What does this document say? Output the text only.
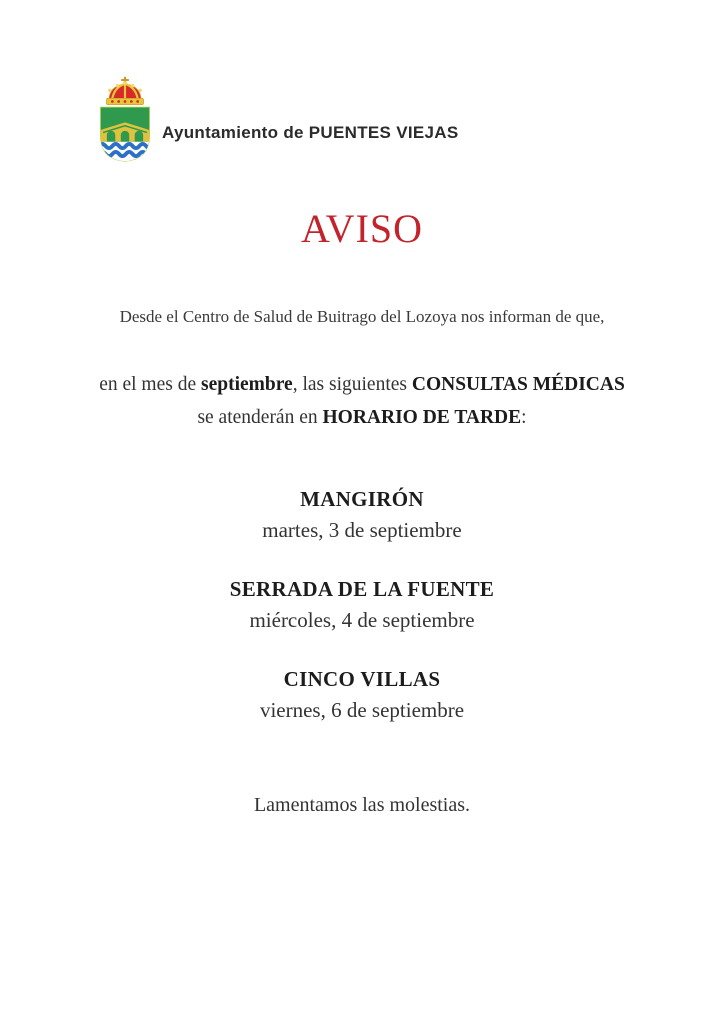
Ayuntamiento de PUENTES VIEJAS
AVISO

Desde el Centro de Salud de Buitrago del Lozoya nos informan de que,

en el mes de septiembre, las siguientes CONSULTAS MÉDICAS
se atenderán en HORARIO DE TARDE:

MANGIRÓN
martes, 3 de septiembre
SERRADA DE LA FUENTE
miércoles, 4 de septiembre
CINCO VILLAS
viernes, 6 de septiembre

Lamentamos las molestias.
